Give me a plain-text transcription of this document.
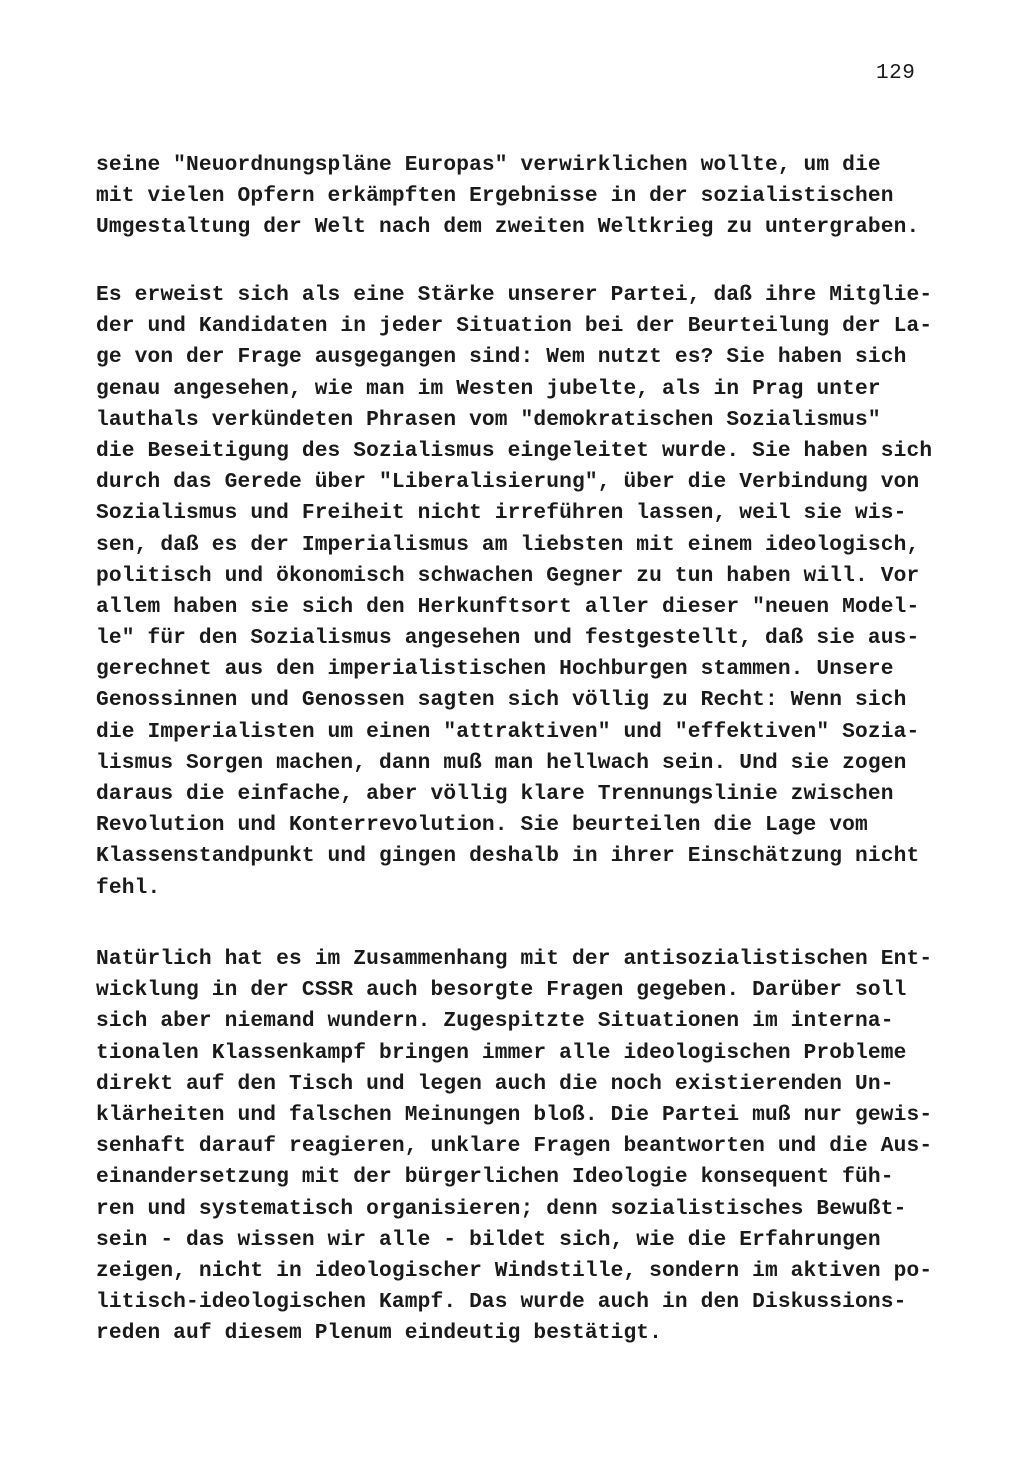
129
seine "Neuordnungspläne Europas" verwirklichen wollte, um die
mit vielen Opfern erkämpften Ergebnisse in der sozialistischen
Umgestaltung der Welt nach dem zweiten Weltkrieg zu untergraben.
Es erweist sich als eine Stärke unserer Partei, daß ihre Mitglie-
der und Kandidaten in jeder Situation bei der Beurteilung der La-
ge von der Frage ausgegangen sind: Wem nutzt es? Sie haben sich
genau angesehen, wie man im Westen jubelte, als in Prag unter
lauthals verkündeten Phrasen vom "demokratischen Sozialismus"
die Beseitigung des Sozialismus eingeleitet wurde. Sie haben sich
durch das Gerede über "Liberalisierung", über die Verbindung von
Sozialismus und Freiheit nicht irreführen lassen, weil sie wis-
sen, daß es der Imperialismus am liebsten mit einem ideologisch,
politisch und ökonomisch schwachen Gegner zu tun haben will. Vor
allem haben sie sich den Herkunftsort aller dieser "neuen Model-
le" für den Sozialismus angesehen und festgestellt, daß sie aus-
gerechnet aus den imperialistischen Hochburgen stammen. Unsere
Genossinnen und Genossen sagten sich völlig zu Recht: Wenn sich
die Imperialisten um einen "attraktiven" und "effektiven" Sozia-
lismus Sorgen machen, dann muß man hellwach sein. Und sie zogen
daraus die einfache, aber völlig klare Trennungslinie zwischen
Revolution und Konterrevolution. Sie beurteilen die Lage vom
Klassenstandpunkt und gingen deshalb in ihrer Einschätzung nicht
fehl.
Natürlich hat es im Zusammenhang mit der antisozialistischen Ent-
wicklung in der CSSR auch besorgte Fragen gegeben. Darüber soll
sich aber niemand wundern. Zugespitzte Situationen im interna-
tionalen Klassenkampf bringen immer alle ideologischen Probleme
direkt auf den Tisch und legen auch die noch existierenden Un-
klärheiten und falschen Meinungen bloß. Die Partei muß nur gewis-
senhaft darauf reagieren, unklare Fragen beantworten und die Aus-
einandersetzung mit der bürgerlichen Ideologie konsequent füh-
ren und systematisch organisieren; denn sozialistisches Bewußt-
sein - das wissen wir alle - bildet sich, wie die Erfahrungen
zeigen, nicht in ideologischer Windstille, sondern im aktiven po-
litisch-ideologischen Kampf. Das wurde auch in den Diskussions-
reden auf diesem Plenum eindeutig bestätigt.
